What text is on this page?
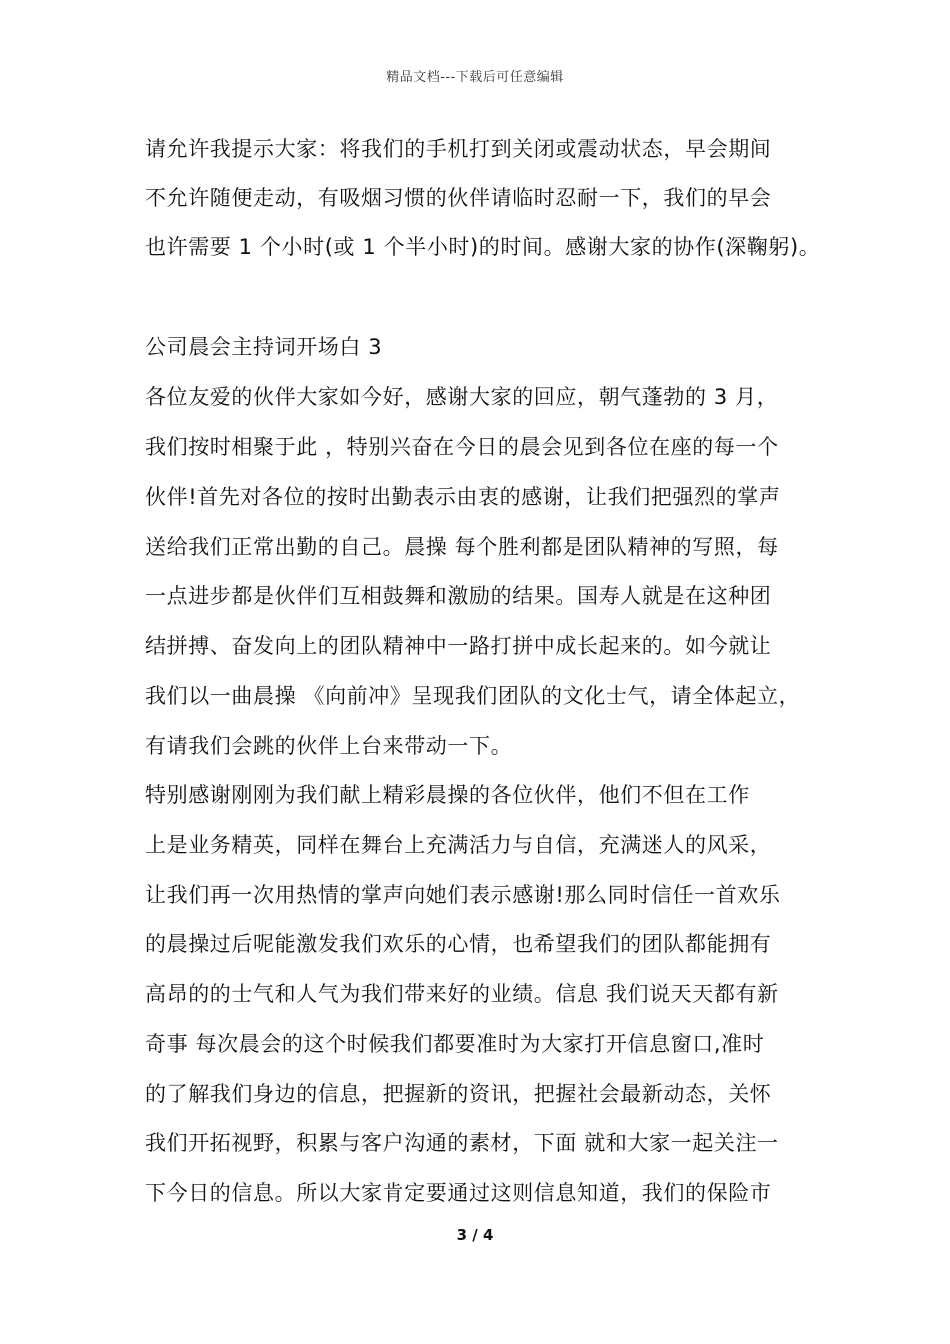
精品文档---下载后可任意编辑
请允许我提示大家：将我们的手机打到关闭或震动状态，早会期间
不允许随便走动，有吸烟习惯的伙伴请临时忍耐一下，我们的早会
也许需要 1 个小时(或 1 个半小时)的时间。感谢大家的协作(深鞠躬)。
公司晨会主持词开场白 3
各位友爱的伙伴大家如今好，感谢大家的回应，朝气蓬勃的 3 月，
我们按时相聚于此 ，特别兴奋在今日的晨会见到各位在座的每一个
伙伴!首先对各位的按时出勤表示由衷的感谢，让我们把强烈的掌声
送给我们正常出勤的自己。晨操 每个胜利都是团队精神的写照，每
一点进步都是伙伴们互相鼓舞和激励的结果。国寿人就是在这种团
结拼搏、奋发向上的团队精神中一路打拼中成长起来的。如今就让
我们以一曲晨操 《向前冲》呈现我们团队的文化士气，请全体起立，
有请我们会跳的伙伴上台来带动一下。
特别感谢刚刚为我们献上精彩晨操的各位伙伴，他们不但在工作
上是业务精英，同样在舞台上充满活力与自信，充满迷人的风采，
让我们再一次用热情的掌声向她们表示感谢!那么同时信任一首欢乐
的晨操过后呢能激发我们欢乐的心情，也希望我们的团队都能拥有
高昂的的士气和人气为我们带来好的业绩。信息 我们说天天都有新
奇事 每次晨会的这个时候我们都要准时为大家打开信息窗口,准时
的了解我们身边的信息，把握新的资讯，把握社会最新动态，关怀
我们开拓视野，积累与客户沟通的素材，下面 就和大家一起关注一
下今日的信息。所以大家肯定要通过这则信息知道，我们的保险市
3 / 4
